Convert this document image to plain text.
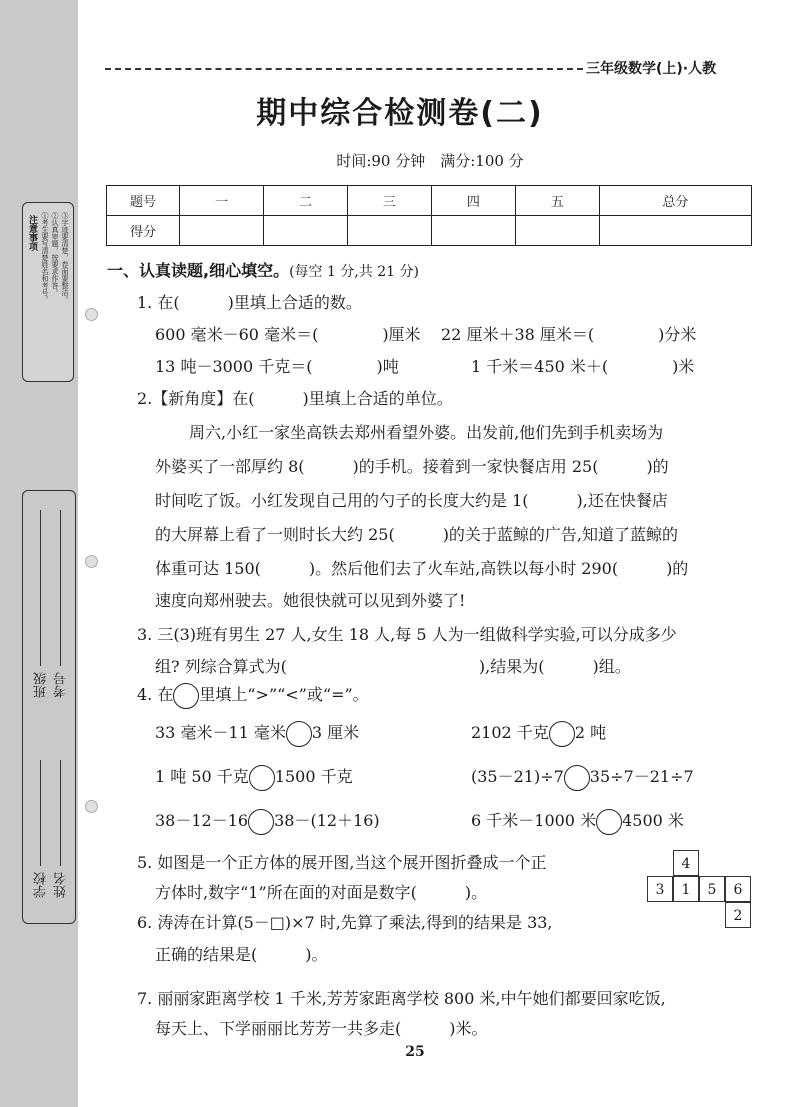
注意事项 ①考生要写清楚姓名和考号。 ②认真审题，按要求作答。 ③字迹要清楚，卷面要整洁。
学校 姓名
班级 考号
三年级数学(上)·人教
期中综合检测卷(二)
时间:90 分钟　满分:100 分
题号	一	二	三	四	五	总分
得分						
一、认真读题,细心填空。(每空 1 分,共 21 分)
1. 在(　　　)里填上合适的数。
600 毫米－60 毫米＝(　　　　)厘米 22 厘米＋38 厘米＝(　　　　)分米
13 吨－3000 千克＝(　　　　)吨	1 千米＝450 米＋(　　　　)米
2.【新角度】在(　　　)里填上合适的单位。
周六,小红一家坐高铁去郑州看望外婆。出发前,他们先到手机卖场为
外婆买了一部厚约 8(　　　)的手机。接着到一家快餐店用 25(　　　)的
时间吃了饭。小红发现自己用的勺子的长度大约是 1(　　　),还在快餐店
的大屏幕上看了一则时长大约 25(　　　)的关于蓝鲸的广告,知道了蓝鲸的
体重可达 150(　　　)。然后他们去了火车站,高铁以每小时 290(　　　)的
速度向郑州驶去。她很快就可以见到外婆了!
3. 三(3)班有男生 27 人,女生 18 人,每 5 人为一组做科学实验,可以分成多少
组? 列综合算式为(　　　　　　　　　　　　),结果为(　　　)组。
4. 在 里填上“>”“<”或“=”。
33 毫米－11 毫米 3 厘米	2102 千克 2 吨
1 吨 50 千克 1500 千克	(35－21)÷7 35÷7－21÷7
38－12－16 38－(12＋16)	6 千米－1000 米 4500 米
5. 如图是一个正方体的展开图,当这个展开图折叠成一个正
方体时,数字“1”所在面的对面是数字(　　　)。
6. 涛涛在计算(5－□)×7 时,先算了乘法,得到的结果是 33,
正确的结果是(　　　)。
7. 丽丽家距离学校 1 千米,芳芳家距离学校 800 米,中午她们都要回家吃饭,
每天上、下学丽丽比芳芳一共多走(　　　)米。
4
3	1	5	6
2
25
